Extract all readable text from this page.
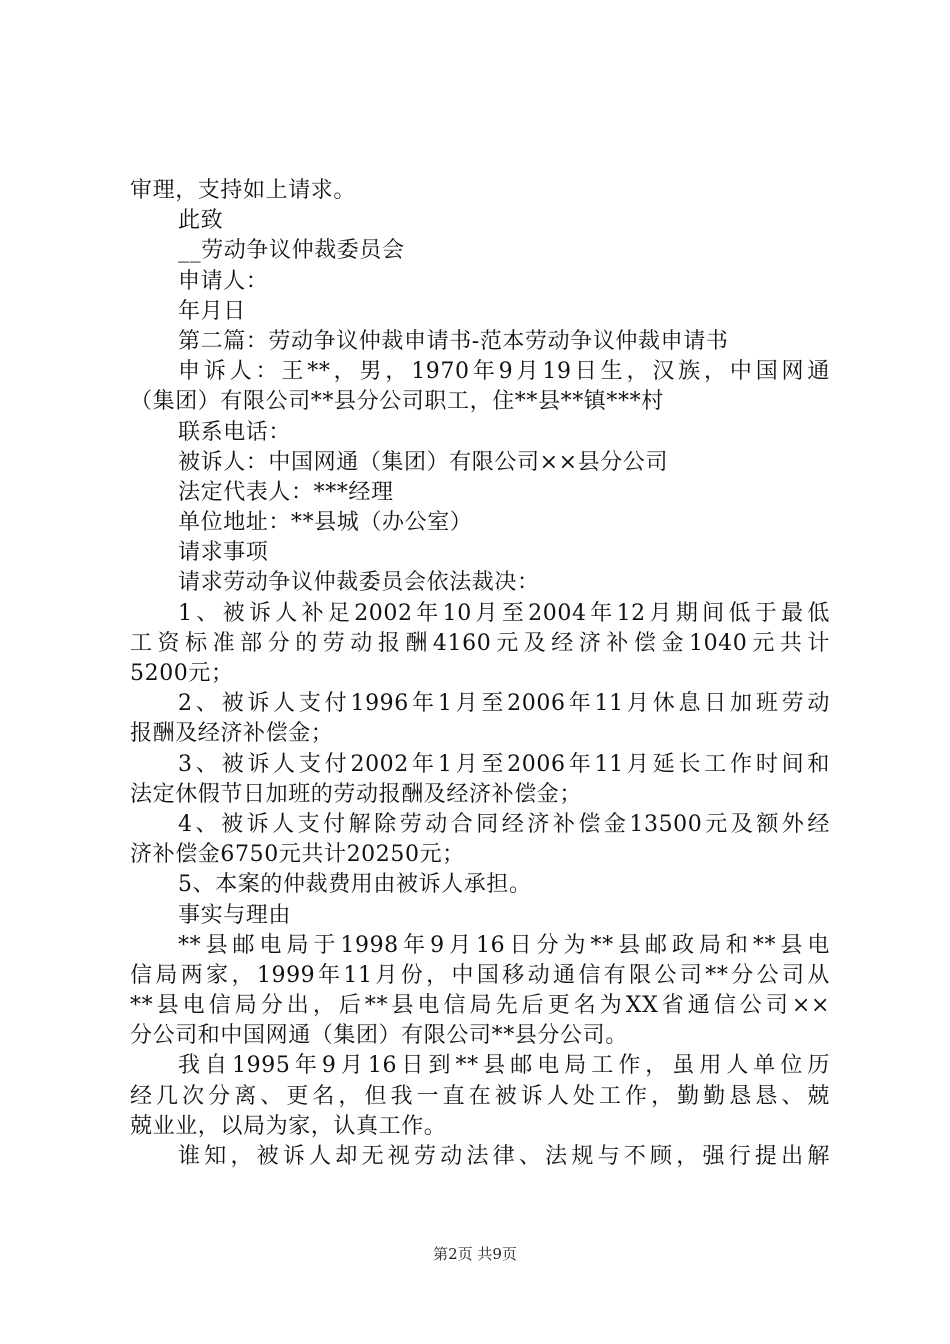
审理，支持如上请求。
此致
__劳动争议仲裁委员会
申请人：
年月日
第二篇：劳动争议仲裁申请书-范本劳动争议仲裁申请书
申诉人：王**，男，1970年9月19日生，汉族，中国网通
（集团）有限公司**县分公司职工，住**县**镇***村
联系电话：
被诉人：中国网通（集团）有限公司××县分公司
法定代表人：***经理
单位地址：**县城（办公室）
请求事项
请求劳动争议仲裁委员会依法裁决：
1、被诉人补足2002年10月至2004年12月期间低于最低
工资标准部分的劳动报酬4160元及经济补偿金1040元共计
5200元；
2、被诉人支付1996年1月至2006年11月休息日加班劳动
报酬及经济补偿金；
3、被诉人支付2002年1月至2006年11月延长工作时间和
法定休假节日加班的劳动报酬及经济补偿金；
4、被诉人支付解除劳动合同经济补偿金13500元及额外经
济补偿金6750元共计20250元；
5、本案的仲裁费用由被诉人承担。
事实与理由
**县邮电局于1998年9月16日分为**县邮政局和**县电
信局两家，1999年11月份，中国移动通信有限公司**分公司从
**县电信局分出，后**县电信局先后更名为XX省通信公司××
分公司和中国网通（集团）有限公司**县分公司。
我自1995年9月16日到**县邮电局工作，虽用人单位历
经几次分离、更名，但我一直在被诉人处工作，勤勤恳恳、兢
兢业业，以局为家，认真工作。
谁知，被诉人却无视劳动法律、法规与不顾，强行提出解
第2页 共9页
